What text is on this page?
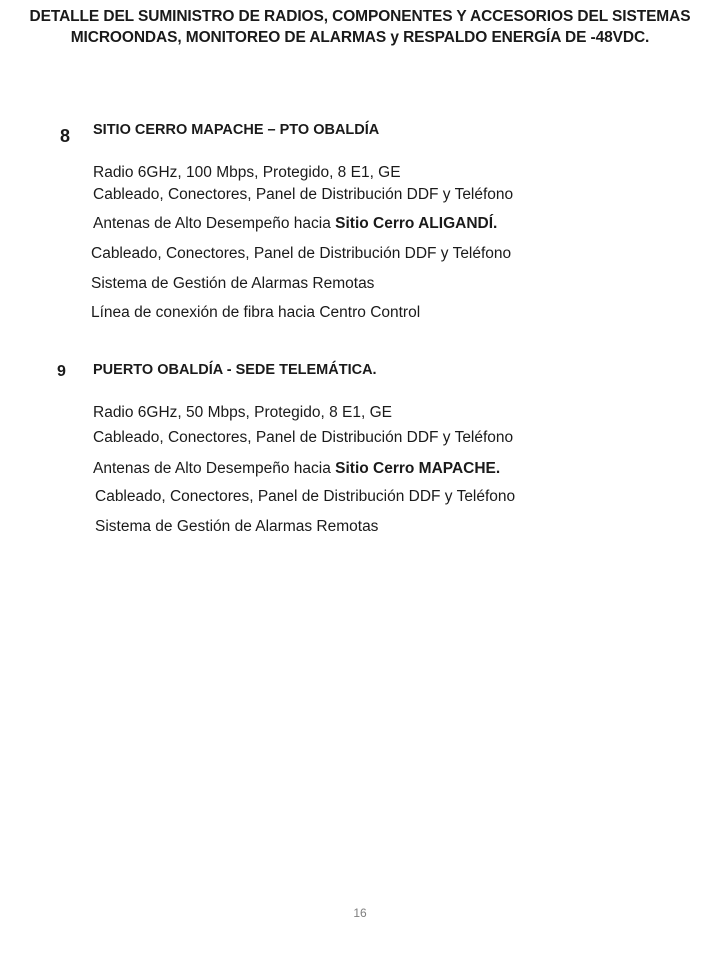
DETALLE DEL SUMINISTRO DE RADIOS, COMPONENTES Y ACCESORIOS DEL SISTEMAS
MICROONDAS, MONITOREO DE ALARMAS y RESPALDO ENERGÍA DE -48VDC.
8 SITIO CERRO MAPACHE – PTO OBALDÍA
Radio 6GHz, 100 Mbps, Protegido, 8 E1, GE
Cableado, Conectores, Panel de Distribución DDF y Teléfono
Antenas de Alto Desempeño hacia Sitio Cerro ALIGANDÍ.
Cableado, Conectores, Panel de Distribución DDF y Teléfono
Sistema de Gestión de Alarmas Remotas
Línea de conexión de fibra hacia Centro Control
9 PUERTO OBALDÍA - SEDE TELEMÁTICA.
Radio 6GHz, 50 Mbps, Protegido, 8 E1, GE
Cableado, Conectores, Panel de Distribución DDF y Teléfono
Antenas de Alto Desempeño hacia Sitio Cerro MAPACHE.
Cableado, Conectores, Panel de Distribución DDF y Teléfono
Sistema de Gestión de Alarmas Remotas
16
